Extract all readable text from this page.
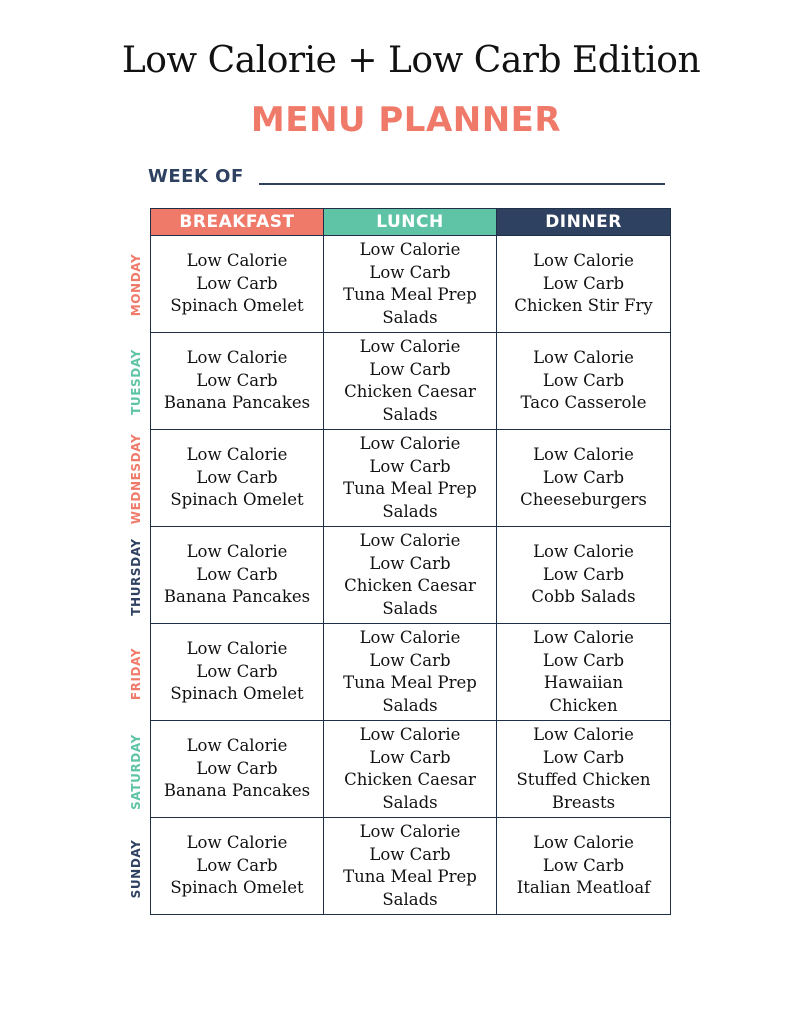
Low Calorie + Low Carb Edition
MENU PLANNER
WEEK OF
MONDAY
TUESDAY
WEDNESDAY
THURSDAY
FRIDAY
SATURDAY
SUNDAY
BREAKFAST	LUNCH	DINNER

Low Calorie
Low Carb
Spinach Omelet	Low Calorie
Low Carb
Tuna Meal Prep
Salads	Low Calorie
Low Carb
Chicken Stir Fry

Low Calorie
Low Carb
Banana Pancakes	Low Calorie
Low Carb
Chicken Caesar
Salads	Low Calorie
Low Carb
Taco Casserole

Low Calorie
Low Carb
Spinach Omelet	Low Calorie
Low Carb
Tuna Meal Prep
Salads	Low Calorie
Low Carb
Cheeseburgers

Low Calorie
Low Carb
Banana Pancakes	Low Calorie
Low Carb
Chicken Caesar
Salads	Low Calorie
Low Carb
Cobb Salads

Low Calorie
Low Carb
Spinach Omelet	Low Calorie
Low Carb
Tuna Meal Prep
Salads	Low Calorie
Low Carb
Hawaiian
Chicken

Low Calorie
Low Carb
Banana Pancakes	Low Calorie
Low Carb
Chicken Caesar
Salads	Low Calorie
Low Carb
Stuffed Chicken
Breasts

Low Calorie
Low Carb
Spinach Omelet	Low Calorie
Low Carb
Tuna Meal Prep
Salads	Low Calorie
Low Carb
Italian Meatloaf
